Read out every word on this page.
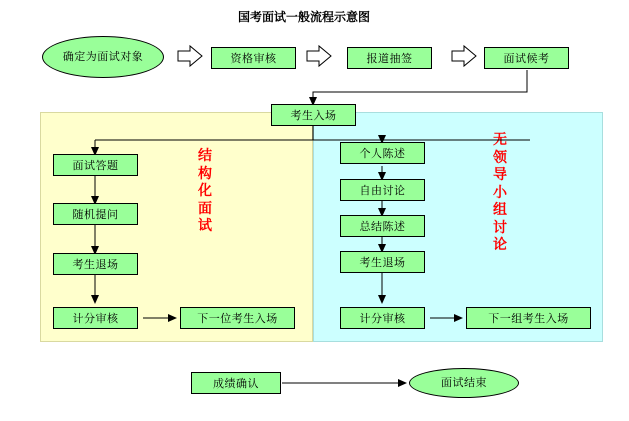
国考面试一般流程示意图
结
构
化
面
试
无
领
导
小
组
讨
论
确定为面试对象	资格审核	报道抽签	面试候考
考生入场
面试答题
随机提问
考生退场
计分审核	下一位考生入场
个人陈述
自由讨论
总结陈述
考生退场
计分审核	下一组考生入场
成绩确认	面试结束
